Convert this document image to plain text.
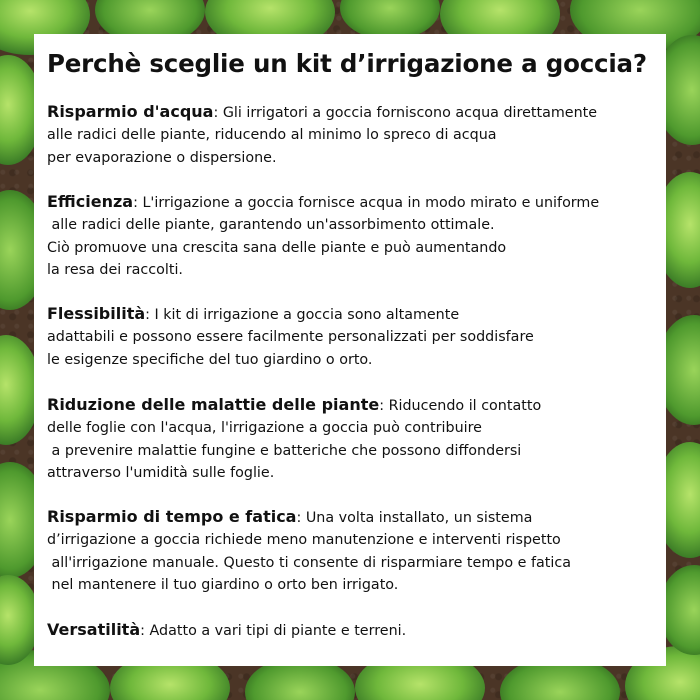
Perchè sceglie un kit d’irrigazione a goccia?
Risparmio d'acqua: Gli irrigatori a goccia forniscono acqua direttamente
alle radici delle piante, riducendo al minimo lo spreco di acqua
per evaporazione o dispersione.
Efficienza: L'irrigazione a goccia fornisce acqua in modo mirato e uniforme
alle radici delle piante, garantendo un'assorbimento ottimale.
Ciò promuove una crescita sana delle piante e può aumentando
la resa dei raccolti.
Flessibilità: I kit di irrigazione a goccia sono altamente
adattabili e possono essere facilmente personalizzati per soddisfare
le esigenze specifiche del tuo giardino o orto.
Riduzione delle malattie delle piante: Riducendo il contatto
delle foglie con l'acqua, l'irrigazione a goccia può contribuire
a prevenire malattie fungine e batteriche che possono diffondersi
attraverso l'umidità sulle foglie.
Risparmio di tempo e fatica: Una volta installato, un sistema
d’irrigazione a goccia richiede meno manutenzione e interventi rispetto
all'irrigazione manuale. Questo ti consente di risparmiare tempo e fatica
nel mantenere il tuo giardino o orto ben irrigato.
Versatilità: Adatto a vari tipi di piante e terreni.
